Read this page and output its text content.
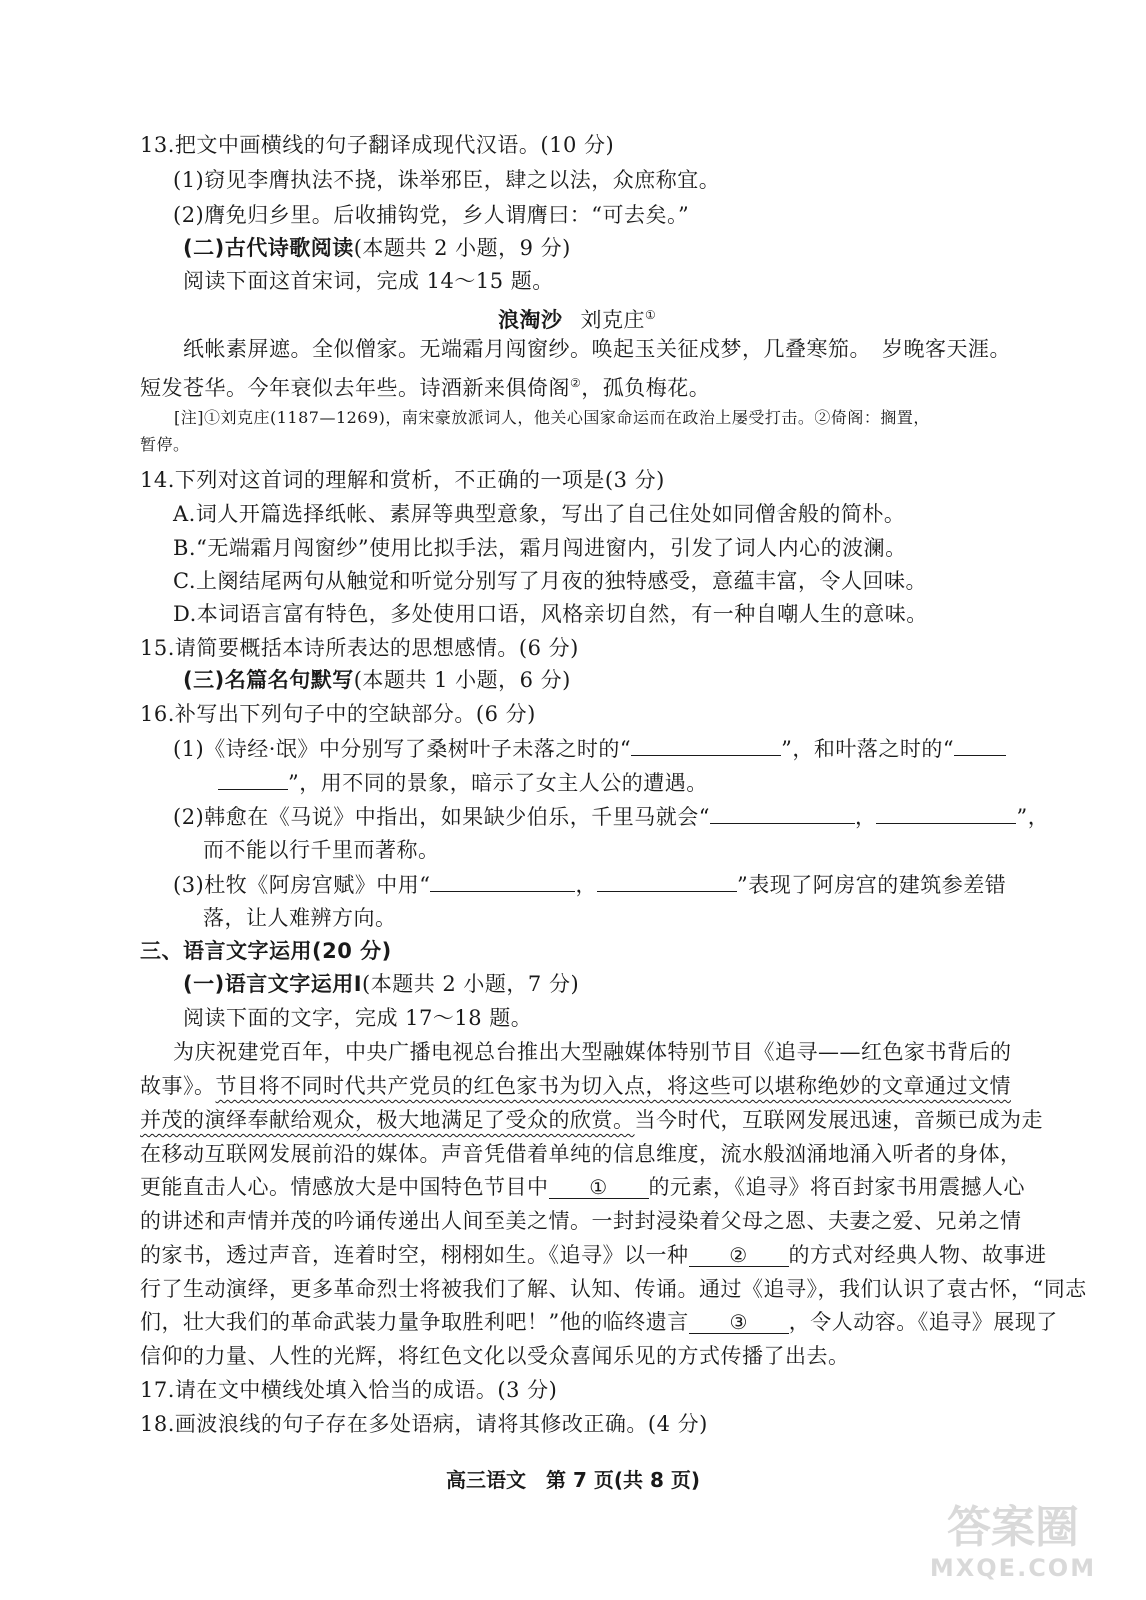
13.把文中画横线的句子翻译成现代汉语。(10 分)
(1)窃见李膺执法不挠，诛举邪臣，肆之以法，众庶称宜。
(2)膺免归乡里。后收捕钩党，乡人谓膺曰：“可去矣。”
(二)古代诗歌阅读(本题共 2 小题，9 分)
阅读下面这首宋词，完成 14～15 题。
浪淘沙 刘克庄①
纸帐素屏遮。全似僧家。无端霜月闯窗纱。唤起玉关征戍梦，几叠寒笳。　岁晚客天涯。
短发苍华。今年衰似去年些。诗酒新来俱倚阁②，孤负梅花。
[注]①刘克庄(1187—1269)，南宋豪放派词人，他关心国家命运而在政治上屡受打击。②倚阁：搁置，
暂停。
14.下列对这首词的理解和赏析，不正确的一项是(3 分)
A.词人开篇选择纸帐、素屏等典型意象，写出了自己住处如同僧舍般的简朴。
B.“无端霜月闯窗纱”使用比拟手法，霜月闯进窗内，引发了词人内心的波澜。
C.上阕结尾两句从触觉和听觉分别写了月夜的独特感受，意蕴丰富，令人回味。
D.本词语言富有特色，多处使用口语，风格亲切自然，有一种自嘲人生的意味。
15.请简要概括本诗所表达的思想感情。(6 分)
(三)名篇名句默写(本题共 1 小题，6 分)
16.补写出下列句子中的空缺部分。(6 分)
(1)《诗经·氓》中分别写了桑树叶子未落之时的“	”，和叶落之时的“
”，用不同的景象，暗示了女主人公的遭遇。
(2)韩愈在《马说》中指出，如果缺少伯乐，千里马就会“	，	”，
而不能以行千里而著称。
(3)杜牧《阿房宫赋》中用“	，	”表现了阿房宫的建筑参差错
落，让人难辨方向。
三、语言文字运用(20 分)
(一)语言文字运用Ⅰ(本题共 2 小题，7 分)
阅读下面的文字，完成 17～18 题。
为庆祝建党百年，中央广播电视总台推出大型融媒体特别节目《追寻——红色家书背后的
故事》。节目将不同时代共产党员的红色家书为切入点，将这些可以堪称绝妙的文章通过文情
并茂的演绎奉献给观众，极大地满足了受众的欣赏。当今时代，互联网发展迅速，音频已成为走
在移动互联网发展前沿的媒体。声音凭借着单纯的信息维度，流水般汹涌地涌入听者的身体，
更能直击人心。情感放大是中国特色节目中 ① 的元素，《追寻》将百封家书用震撼人心
的讲述和声情并茂的吟诵传递出人间至美之情。一封封浸染着父母之恩、夫妻之爱、兄弟之情
的家书，透过声音，连着时空，栩栩如生。《追寻》以一种 ② 的方式对经典人物、故事进
行了生动演绎，更多革命烈士将被我们了解、认知、传诵。通过《追寻》，我们认识了袁古怀，“同志
们，壮大我们的革命武装力量争取胜利吧！”他的临终遗言 ③ ，令人动容。《追寻》展现了
信仰的力量、人性的光辉，将红色文化以受众喜闻乐见的方式传播了出去。
17.请在文中横线处填入恰当的成语。(3 分)
18.画波浪线的句子存在多处语病，请将其修改正确。(4 分)
高三语文　第 7 页(共 8 页)
答案圈
MXQE.COM
